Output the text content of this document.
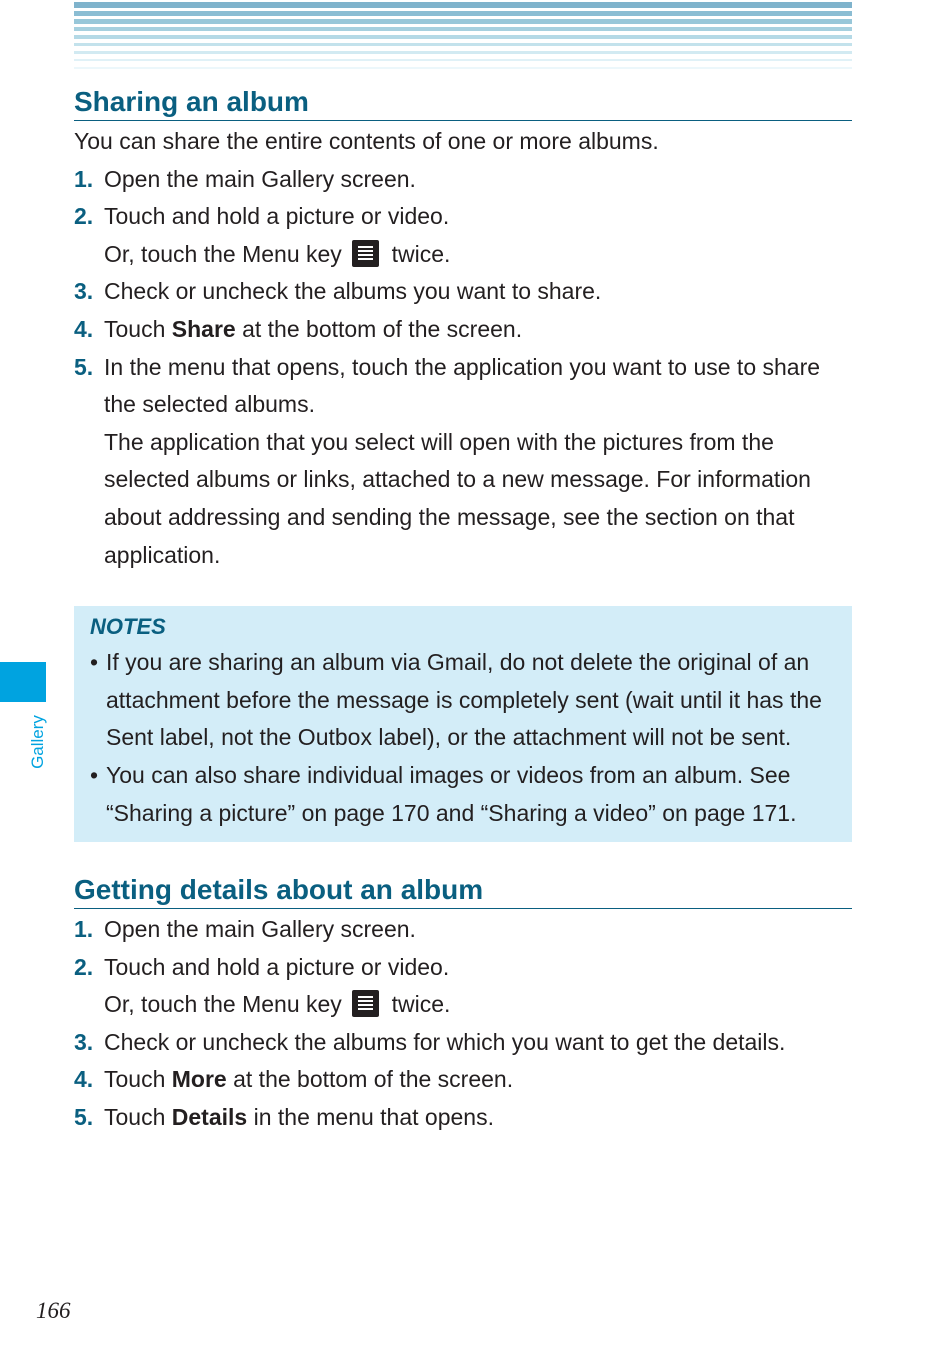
Gallery
Sharing an album

You can share the entire contents of one or more albums.

1. Open the main Gallery screen.
2. Touch and hold a picture or video.
Or, touch the Menu key twice.
3. Check or uncheck the albums you want to share.
4. Touch Share at the bottom of the screen.
5. In the menu that opens, touch the application you want to use to share the selected albums.
The application that you select will open with the pictures from the selected albums or links, attached to a new message. For information about addressing and sending the message, see the section on that application.
NOTES
• If you are sharing an album via Gmail, do not delete the original of an attachment before the message is completely sent (wait until it has the Sent label, not the Outbox label), or the attachment will not be sent.
• You can also share individual images or videos from an album. See “Sharing a picture” on page 170 and “Sharing a video” on page 171.
Getting details about an album
1. Open the main Gallery screen.
2. Touch and hold a picture or video.
Or, touch the Menu key twice.
3. Check or uncheck the albums for which you want to get the details.
4. Touch More at the bottom of the screen.
5. Touch Details in the menu that opens.
166
